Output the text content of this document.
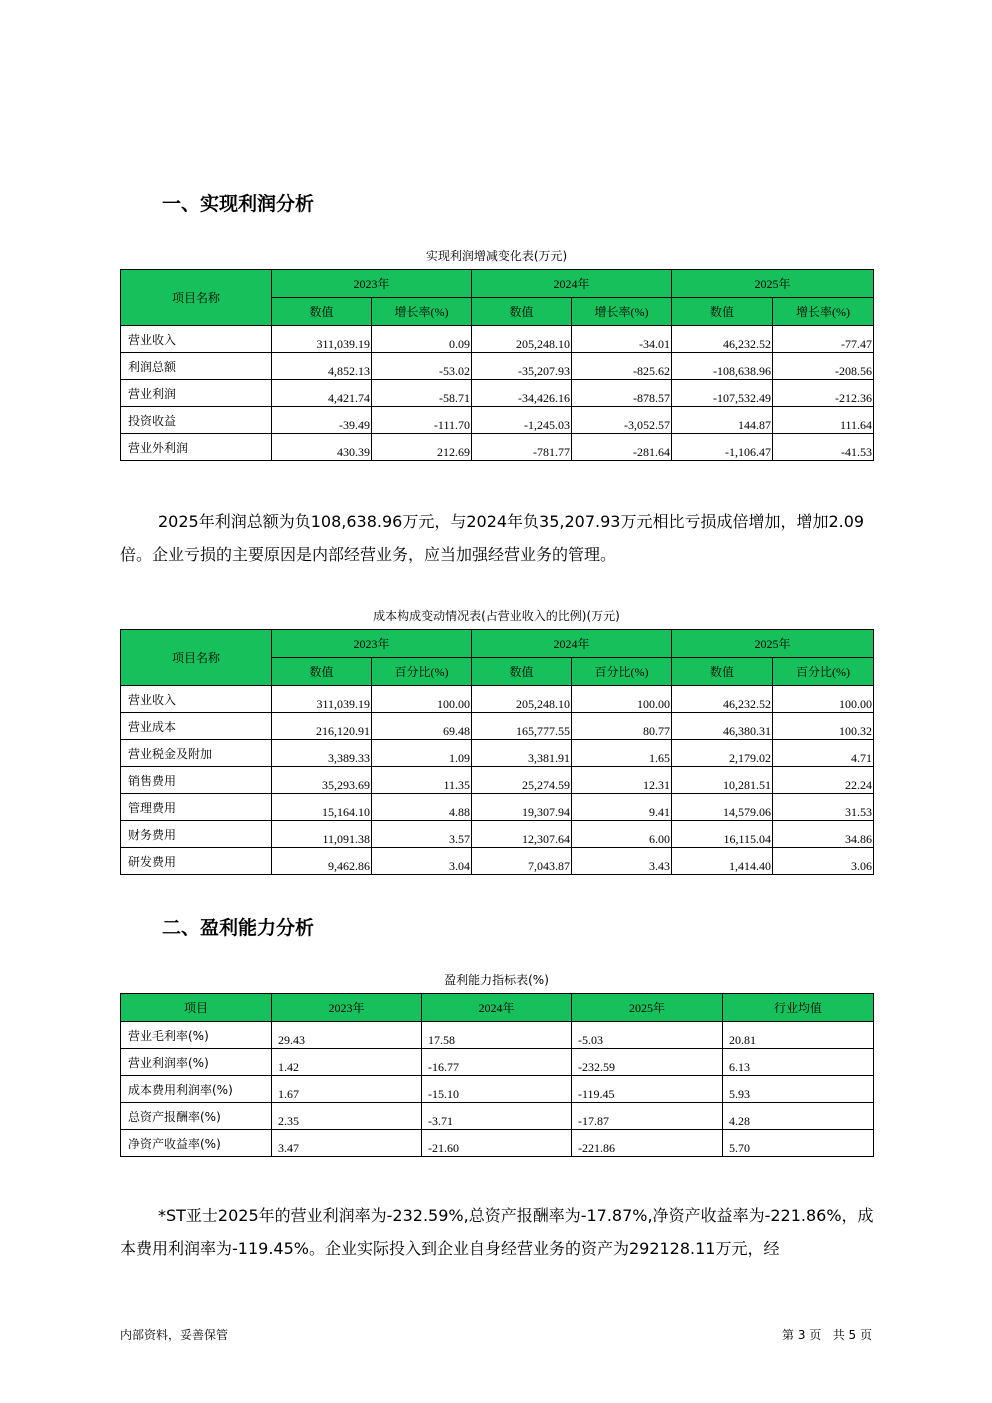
一、实现利润分析
实现利润增减变化表(万元)
项目名称	2023年		2024年		2025年	
	数值	增长率(%)	数值	增长率(%)	数值	增长率(%)
营业收入	311,039.19	0.09	205,248.10	-34.01	46,232.52	-77.47
利润总额	4,852.13	-53.02	-35,207.93	-825.62	-108,638.96	-208.56
营业利润	4,421.74	-58.71	-34,426.16	-878.57	-107,532.49	-212.36
投资收益	-39.49	-111.70	-1,245.03	-3,052.57	144.87	111.64
营业外利润	430.39	212.69	-781.77	-281.64	-1,106.47	-41.53

2025年利润总额为负108,638.96万元，与2024年负35,207.93万元相比亏损成倍增加，增加2.09倍。企业亏损的主要原因是内部经营业务，应当加强经营业务的管理。

成本构成变动情况表(占营业收入的比例)(万元)
项目名称	2023年		2024年		2025年	
	数值	百分比(%)	数值	百分比(%)	数值	百分比(%)
营业收入	311,039.19	100.00	205,248.10	100.00	46,232.52	100.00
营业成本	216,120.91	69.48	165,777.55	80.77	46,380.31	100.32
营业税金及附加	3,389.33	1.09	3,381.91	1.65	2,179.02	4.71
销售费用	35,293.69	11.35	25,274.59	12.31	10,281.51	22.24
管理费用	15,164.10	4.88	19,307.94	9.41	14,579.06	31.53
财务费用	11,091.38	3.57	12,307.64	6.00	16,115.04	34.86
研发费用	9,462.86	3.04	7,043.87	3.43	1,414.40	3.06
二、盈利能力分析
盈利能力指标表(%)
项目	2023年	2024年	2025年	行业均值
营业毛利率(%)	29.43	17.58	-5.03	20.81
营业利润率(%)	1.42	-16.77	-232.59	6.13
成本费用利润率(%)	1.67	-15.10	-119.45	5.93
总资产报酬率(%)	2.35	-3.71	-17.87	4.28
净资产收益率(%)	3.47	-21.60	-221.86	5.70

*ST亚士2025年的营业利润率为-232.59%,总资产报酬率为-17.87%,净资产收益率为-221.86%，成本费用利润率为-119.45%。企业实际投入到企业自身经营业务的资产为292128.11万元，经

内部资料，妥善保管	第 3 页   共 5 页
